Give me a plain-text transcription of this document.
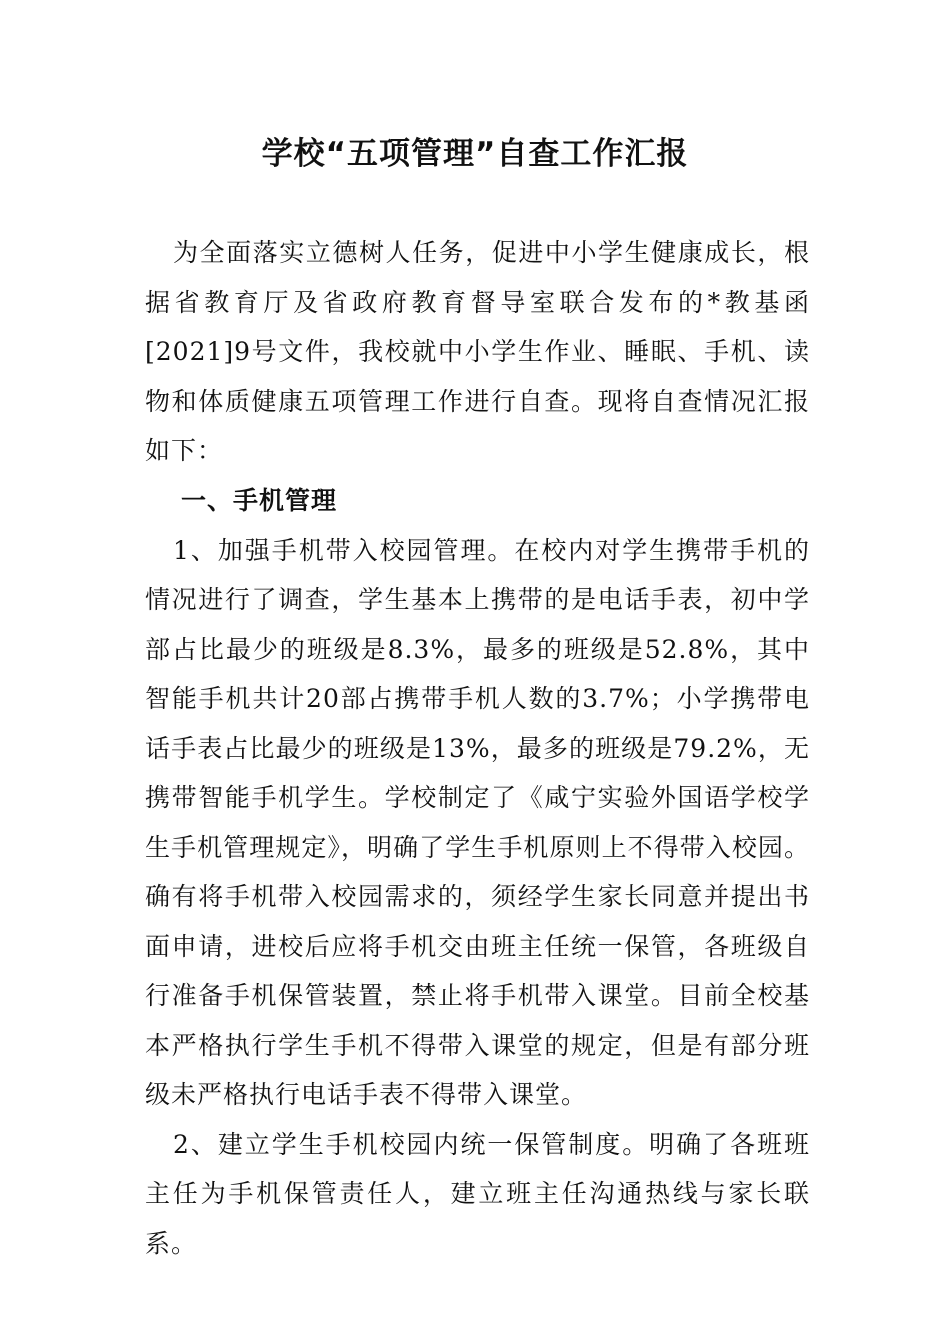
学校“五项管理”自查工作汇报

为全面落实立德树人任务，促进中小学生健康成长，根据省教育厅及省政府教育督导室联合发布的*教基函[2021]9号文件，我校就中小学生作业、睡眠、手机、读物和体质健康五项管理工作进行自查。现将自查情况汇报如下：

一、手机管理

1、加强手机带入校园管理。在校内对学生携带手机的情况进行了调查，学生基本上携带的是电话手表，初中学部占比最少的班级是8.3%，最多的班级是52.8%，其中智能手机共计20部占携带手机人数的3.7%；小学携带电话手表占比最少的班级是13%，最多的班级是79.2%，无携带智能手机学生。学校制定了《咸宁实验外国语学校学生手机管理规定》，明确了学生手机原则上不得带入校园。确有将手机带入校园需求的，须经学生家长同意并提出书面申请，进校后应将手机交由班主任统一保管，各班级自行准备手机保管装置，禁止将手机带入课堂。目前全校基本严格执行学生手机不得带入课堂的规定，但是有部分班级未严格执行电话手表不得带入课堂。

2、建立学生手机校园内统一保管制度。明确了各班班主任为手机保管责任人，建立班主任沟通热线与家长联系。
